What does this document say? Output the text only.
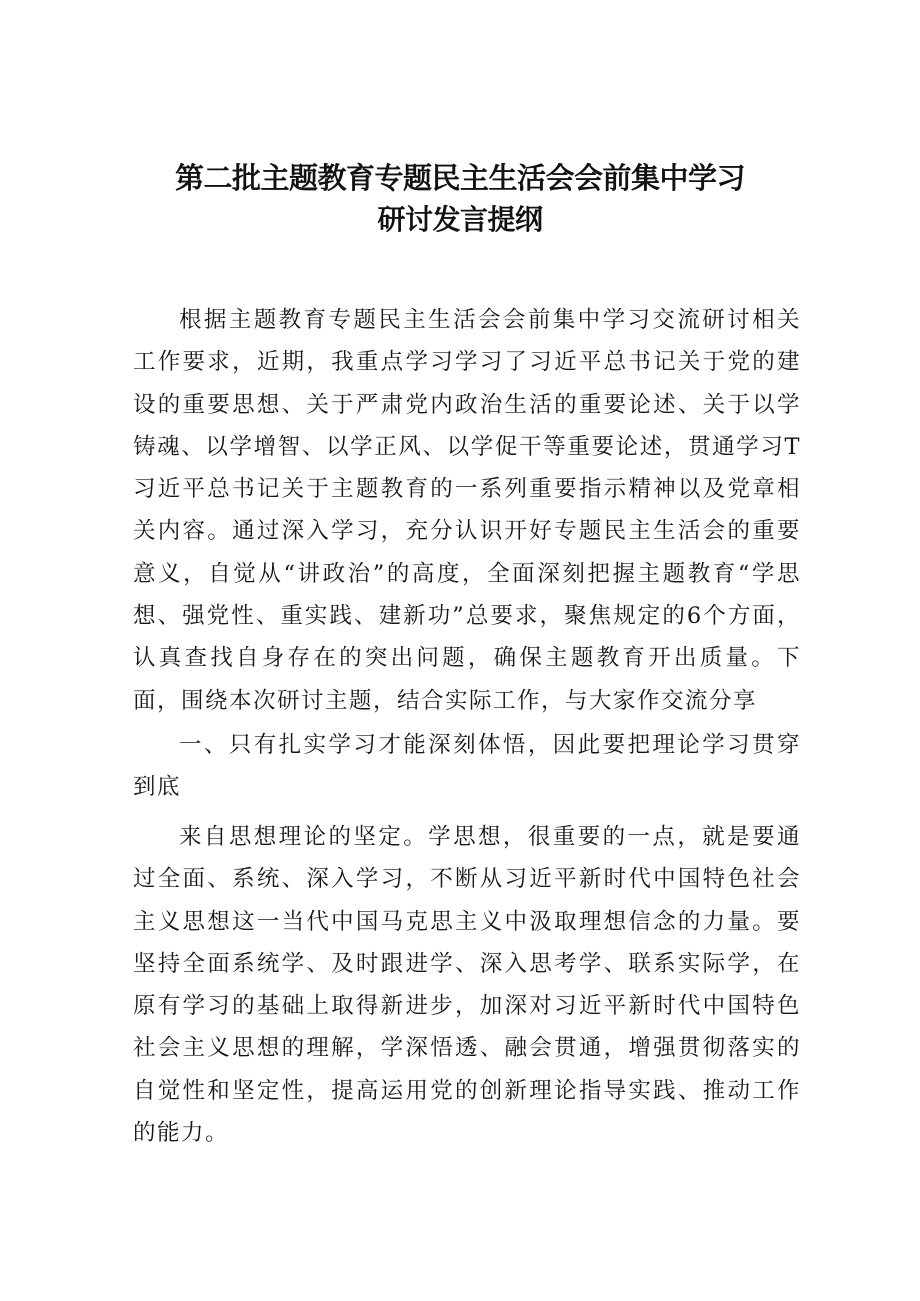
第二批主题教育专题民主生活会会前集中学习
研讨发言提纲

根据主题教育专题民主生活会会前集中学习交流研讨相关工作要求，近期，我重点学习学习了习近平总书记关于党的建设的重要思想、关于严肃党内政治生活的重要论述、关于以学铸魂、以学增智、以学正风、以学促干等重要论述，贯通学习T习近平总书记关于主题教育的一系列重要指示精神以及党章相关内容。通过深入学习，充分认识开好专题民主生活会的重要意义，自觉从“讲政治”的高度，全面深刻把握主题教育“学思想、强党性、重实践、建新功”总要求，聚焦规定的6个方面，认真查找自身存在的突出问题，确保主题教育开出质量。下面，围绕本次研讨主题，结合实际工作，与大家作交流分享

一、只有扎实学习才能深刻体悟，因此要把理论学习贯穿到底

来自思想理论的坚定。学思想，很重要的一点，就是要通过全面、系统、深入学习，不断从习近平新时代中国特色社会主义思想这一当代中国马克思主义中汲取理想信念的力量。要坚持全面系统学、及时跟进学、深入思考学、联系实际学，在原有学习的基础上取得新进步，加深对习近平新时代中国特色社会主义思想的理解，学深悟透、融会贯通，增强贯彻落实的自觉性和坚定性，提高运用党的创新理论指导实践、推动工作的能力。
